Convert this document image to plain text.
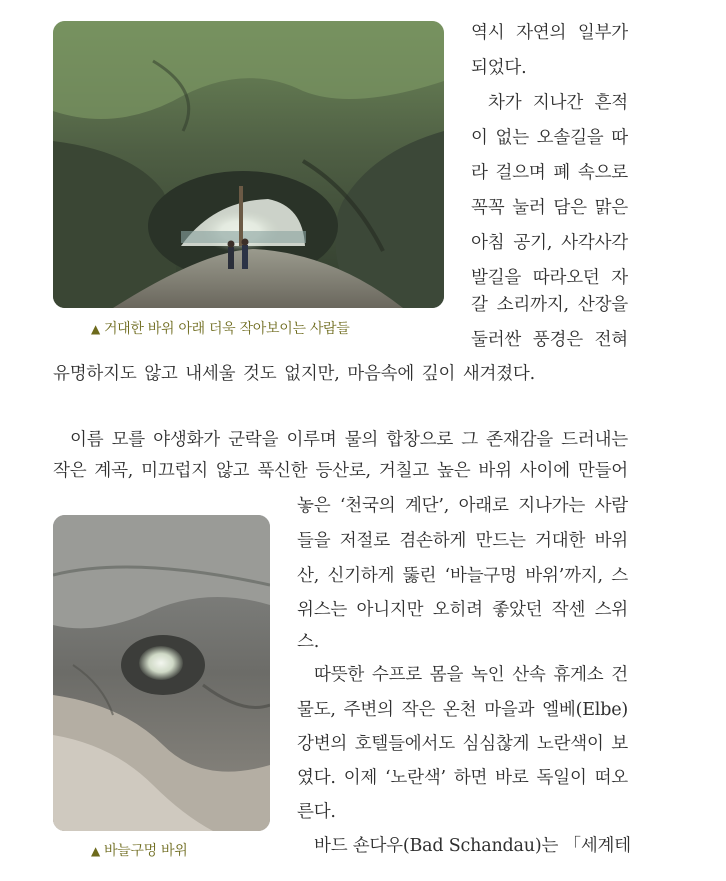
▲ 거대한 바위 아래 더욱 작아보이는 사람들
역시 자연의 일부가
되었다.
차가 지나간 흔적
이 없는 오솔길을 따
라 걸으며 폐 속으로
꼭꼭 눌러 담은 맑은
아침 공기, 사각사각
발길을 따라오던 자
갈 소리까지, 산장을
둘러싼 풍경은 전혀
유명하지도 않고 내세울 것도 없지만, 마음속에 깊이 새겨졌다.
이름 모를 야생화가 군락을 이루며 물의 합창으로 그 존재감을 드러내는
작은 계곡, 미끄럽지 않고 푹신한 등산로, 거칠고 높은 바위 사이에 만들어
▲ 바늘구멍 바위
놓은 ‘천국의 계단’, 아래로 지나가는 사람
들을 저절로 겸손하게 만드는 거대한 바위
산, 신기하게 뚫린 ‘바늘구멍 바위’까지, 스
위스는 아니지만 오히려 좋았던 작센 스위
스.
따뜻한 수프로 몸을 녹인 산속 휴게소 건
물도, 주변의 작은 온천 마을과 엘베(Elbe)
강변의 호텔들에서도 심심찮게 노란색이 보
였다. 이제 ‘노란색’ 하면 바로 독일이 떠오
른다.
바드 숀다우(Bad Schandau)는 「세계테
